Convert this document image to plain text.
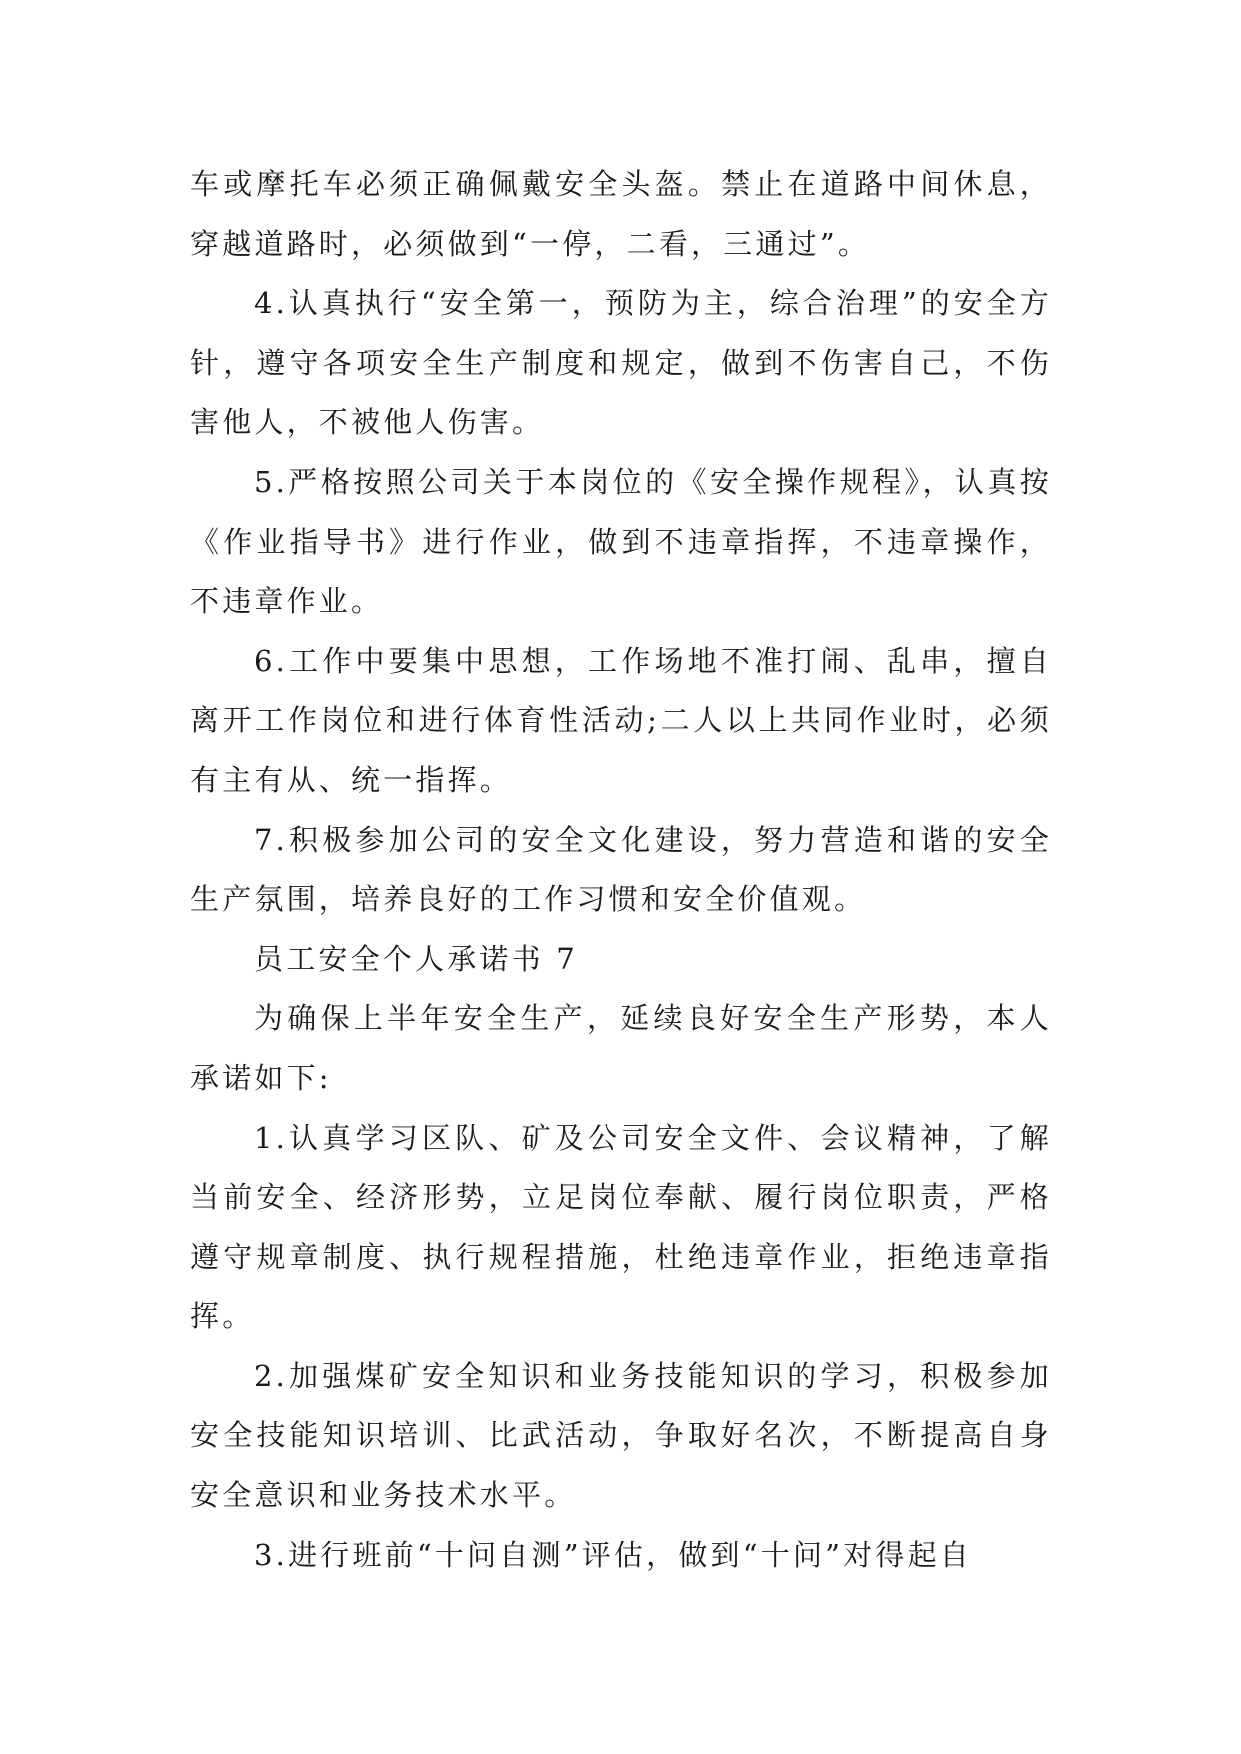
车或摩托车必须正确佩戴安全头盔。禁止在道路中间休息，穿越道路时，必须做到“一停，二看，三通过”。

4.认真执行“安全第一，预防为主，综合治理”的安全方针，遵守各项安全生产制度和规定，做到不伤害自己，不伤害他人，不被他人伤害。

5.严格按照公司关于本岗位的《安全操作规程》，认真按《作业指导书》进行作业，做到不违章指挥，不违章操作，不违章作业。

6.工作中要集中思想，工作场地不准打闹、乱串，擅自离开工作岗位和进行体育性活动;二人以上共同作业时，必须有主有从、统一指挥。

7.积极参加公司的安全文化建设，努力营造和谐的安全生产氛围，培养良好的工作习惯和安全价值观。

员工安全个人承诺书 7

为确保上半年安全生产，延续良好安全生产形势，本人承诺如下:

1.认真学习区队、矿及公司安全文件、会议精神，了解当前安全、经济形势，立足岗位奉献、履行岗位职责，严格遵守规章制度、执行规程措施，杜绝违章作业，拒绝违章指挥。

2.加强煤矿安全知识和业务技能知识的学习，积极参加安全技能知识培训、比武活动，争取好名次，不断提高自身安全意识和业务技术水平。

3.进行班前“十问自测”评估，做到“十问”对得起自
